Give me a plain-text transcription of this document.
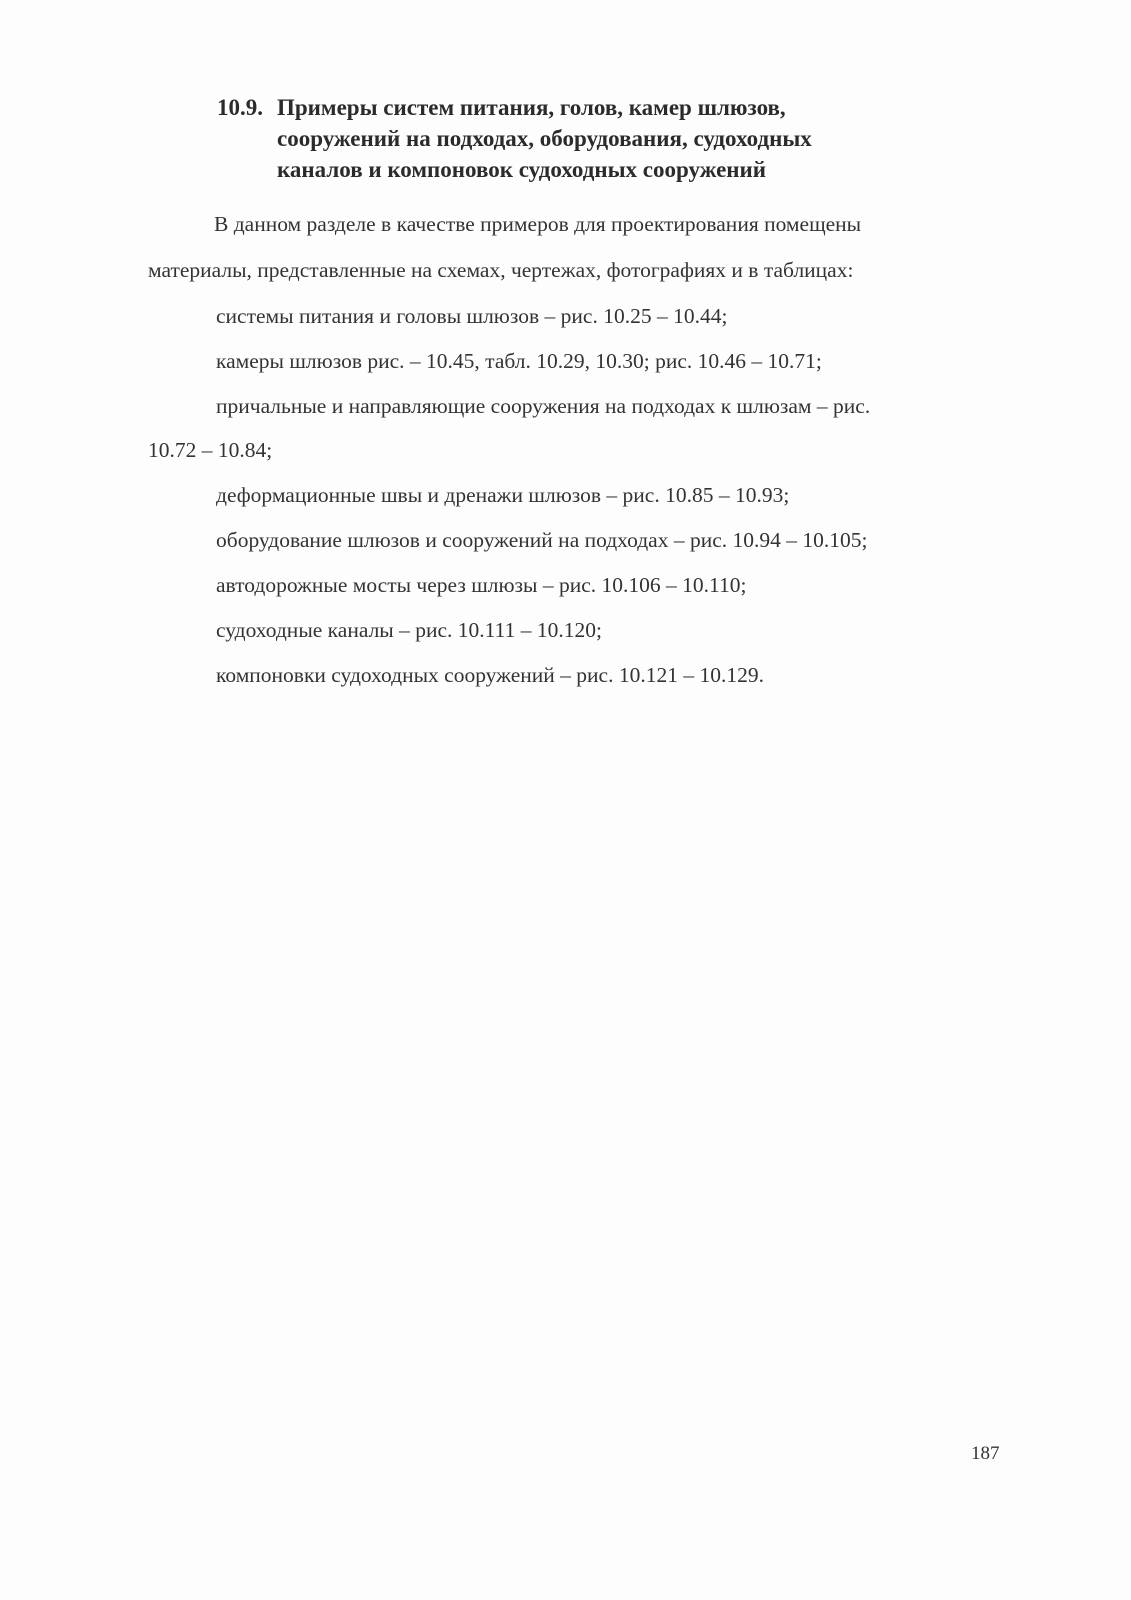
10.9. Примеры систем питания, голов, камер шлюзов,
сооружений на подходах, оборудования, судоходных
каналов и компоновок судоходных сооружений
В данном разделе в качестве примеров для проектирования помещены
материалы, представленные на схемах, чертежах, фотографиях и в таблицах:
системы питания и головы шлюзов – рис. 10.25 – 10.44;
камеры шлюзов рис. – 10.45, табл. 10.29, 10.30; рис. 10.46 – 10.71;
причальные и направляющие сооружения на подходах к шлюзам – рис.
10.72 – 10.84;
деформационные швы и дренажи шлюзов – рис. 10.85 – 10.93;
оборудование шлюзов и сооружений на подходах – рис. 10.94 – 10.105;
автодорожные мосты через шлюзы – рис. 10.106 – 10.110;
судоходные каналы – рис. 10.111 – 10.120;
компоновки судоходных сооружений – рис. 10.121 – 10.129.
187
